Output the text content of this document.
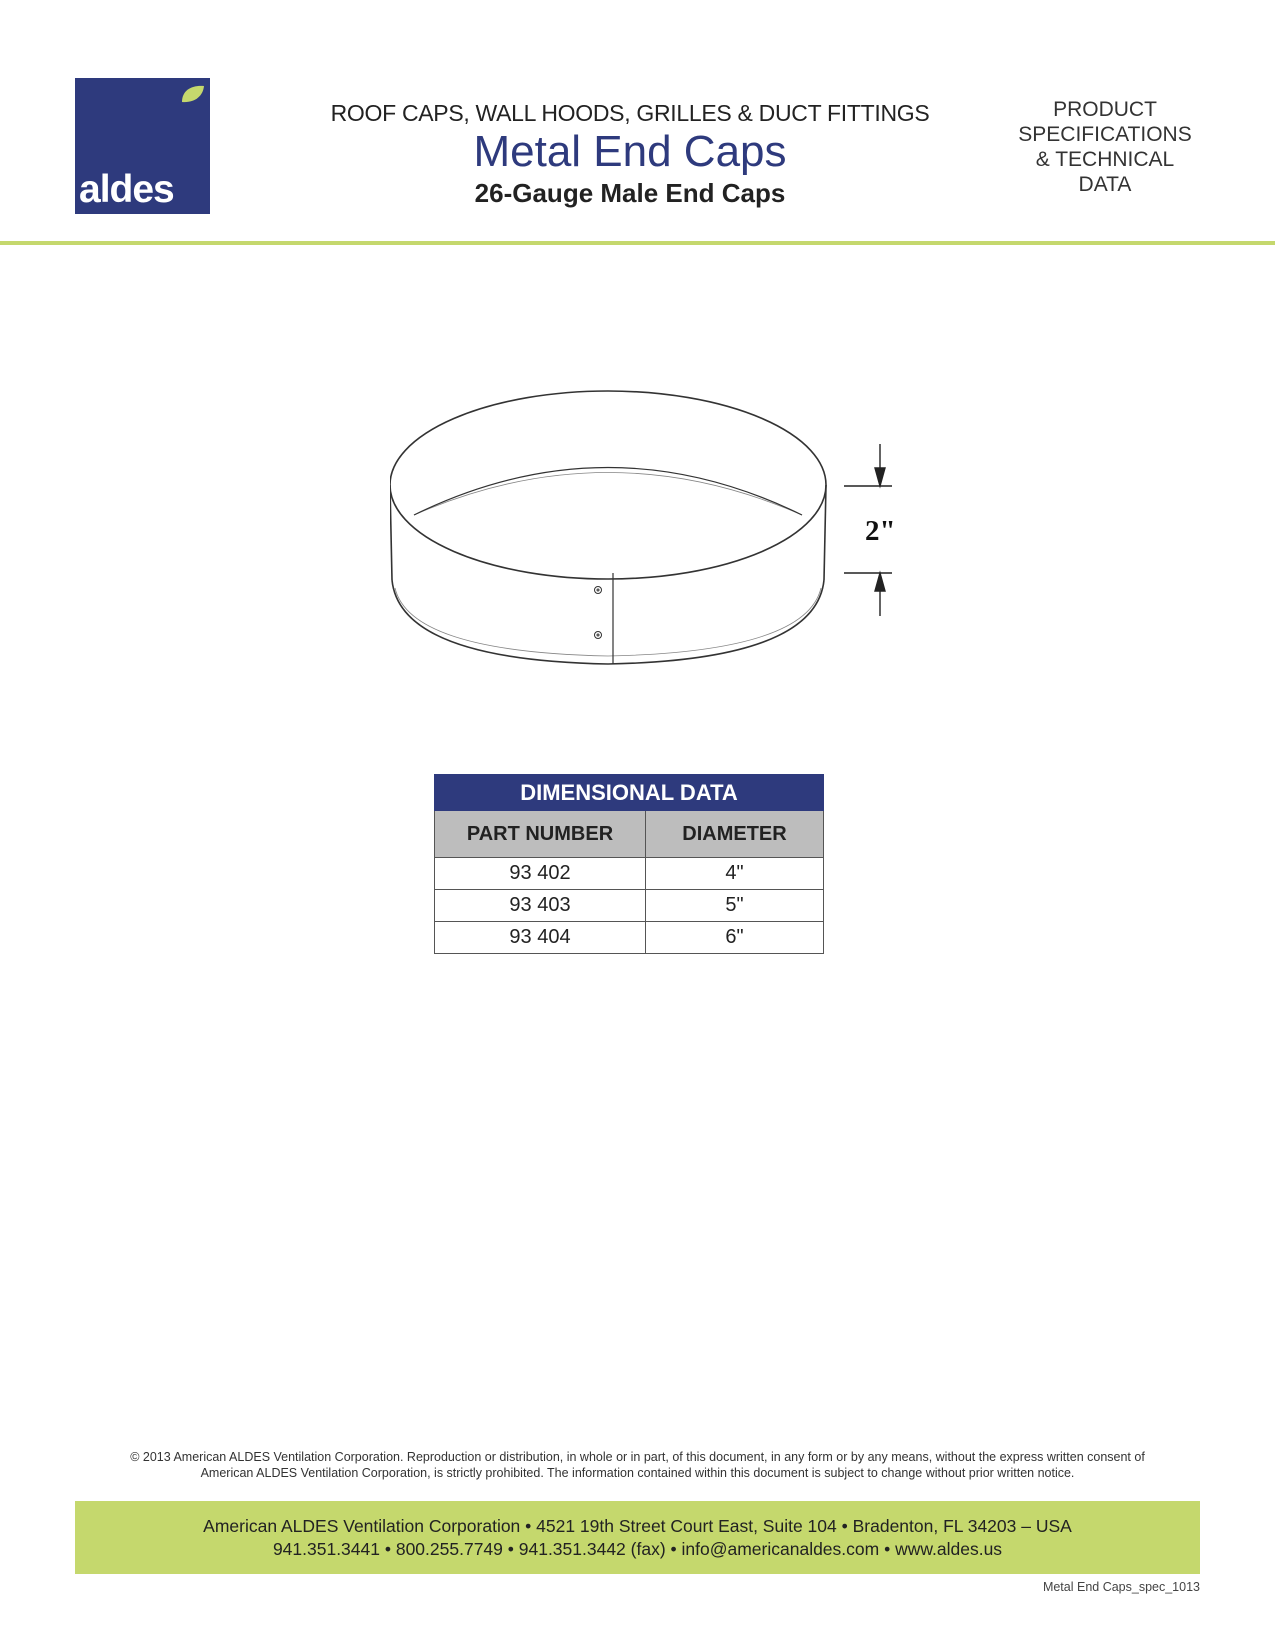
aldes
ROOF CAPS, WALL HOODS, GRILLES & DUCT FITTINGS
Metal End Caps
26-Gauge Male End Caps
PRODUCT
SPECIFICATIONS
& TECHNICAL
DATA
2"
DIMENSIONAL DATA	
PART NUMBER	DIAMETER
93 402	4"
93 403	5"
93 404	6"
© 2013 American ALDES Ventilation Corporation. Reproduction or distribution, in whole or in part, of this document, in any form or by any means, without the express written consent of
American ALDES Ventilation Corporation, is strictly prohibited. The information contained within this document is subject to change without prior written notice.
American ALDES Ventilation Corporation • 4521 19th Street Court East, Suite 104 • Bradenton, FL 34203 – USA
941.351.3441 • 800.255.7749 • 941.351.3442 (fax) • info@americanaldes.com • www.aldes.us
Metal End Caps_spec_1013
